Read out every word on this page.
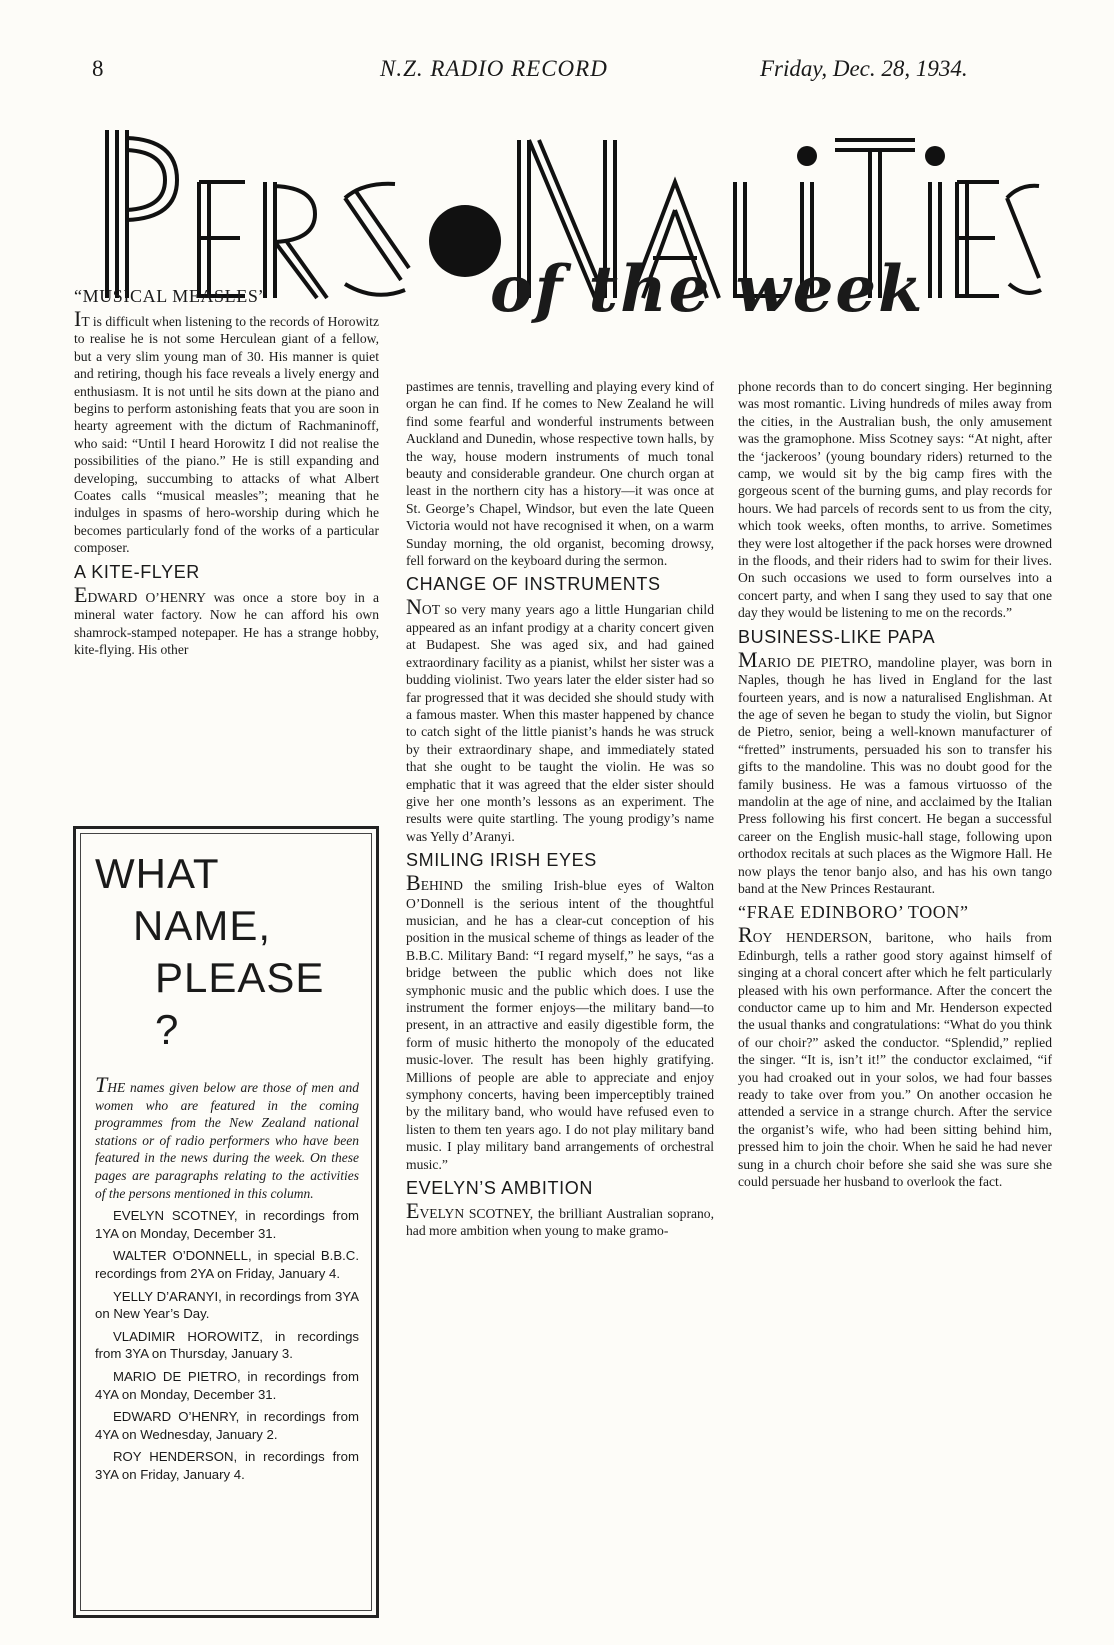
8	N.Z. RADIO RECORD	Friday, Dec. 28, 1934.
of the week
“MUSICAL MEASLES”

IT is difficult when listening to the records of Horowitz to realise he is not some Herculean giant of a fellow, but a very slim young man of 30. His manner is quiet and retiring, though his face reveals a lively energy and enthusiasm. It is not until he sits down at the piano and begins to perform astonishing feats that you are soon in hearty agreement with the dictum of Rachmaninoff, who said: “Until I heard Horowitz I did not realise the possibilities of the piano.” He is still expanding and developing, succumbing to attacks of what Albert Coates calls “musical measles”; meaning that he indulges in spasms of hero-worship during which he becomes particularly fond of the works of a particular composer.

A KITE-FLYER

EDWARD O’HENRY was once a store boy in a mineral water factory. Now he can afford his own shamrock-stamped notepaper. He has a strange hobby, kite-flying. His other

WHAT
NAME,
PLEASE ?
THE names given below are those of men and women who are featured in the coming programmes from the New Zealand national stations or of radio performers who have been featured in the news during the week. On these pages are paragraphs relating to the activities of the persons mentioned in this column.
EVELYN SCOTNEY, in recordings from 1YA on Monday, December 31.
WALTER O’DONNELL, in special B.B.C. recordings from 2YA on Friday, January 4.
YELLY D’ARANYI, in recordings from 3YA on New Year’s Day.
VLADIMIR HOROWITZ, in recordings from 3YA on Thursday, January 3.
MARIO DE PIETRO, in recordings from 4YA on Monday, December 31.
EDWARD O’HENRY, in recordings from 4YA on Wednesday, January 2.
ROY HENDERSON, in recordings from 3YA on Friday, January 4.

pastimes are tennis, travelling and playing every kind of organ he can find. If he comes to New Zealand he will find some fearful and wonderful instruments between Auckland and Dunedin, whose respective town halls, by the way, house modern instruments of much tonal beauty and considerable grandeur. One church organ at least in the northern city has a history—it was once at St. George’s Chapel, Windsor, but even the late Queen Victoria would not have recognised it when, on a warm Sunday morning, the old organist, becoming drowsy, fell forward on the keyboard during the sermon.

CHANGE OF INSTRUMENTS

NOT so very many years ago a little Hungarian child appeared as an infant prodigy at a charity concert given at Budapest. She was aged six, and had gained extraordinary facility as a pianist, whilst her sister was a budding violinist. Two years later the elder sister had so far progressed that it was decided she should study with a famous master. When this master happened by chance to catch sight of the little pianist’s hands he was struck by their extraordinary shape, and immediately stated that she ought to be taught the violin. He was so emphatic that it was agreed that the elder sister should give her one month’s lessons as an experiment. The results were quite startling. The young prodigy’s name was Yelly d’Aranyi.

SMILING IRISH EYES

BEHIND the smiling Irish-blue eyes of Walton O’Donnell is the serious intent of the thoughtful musician, and he has a clear-cut conception of his position in the musical scheme of things as leader of the B.B.C. Military Band: “I regard myself,” he says, “as a bridge between the public which does not like symphonic music and the public which does. I use the instrument the former enjoys—the military band—to present, in an attractive and easily digestible form, the form of music hitherto the monopoly of the educated music-lover. The result has been highly gratifying. Millions of people are able to appreciate and enjoy symphony concerts, having been imperceptibly trained by the military band, who would have refused even to listen to them ten years ago. I do not play military band music. I play military band arrangements of orchestral music.”

EVELYN’S AMBITION

EVELYN SCOTNEY, the brilliant Australian soprano, had more ambition when young to make gramo-

phone records than to do concert singing. Her beginning was most romantic. Living hundreds of miles away from the cities, in the Australian bush, the only amusement was the gramophone. Miss Scotney says: “At night, after the ‘jackeroos’ (young boundary riders) returned to the camp, we would sit by the big camp fires with the gorgeous scent of the burning gums, and play records for hours. We had parcels of records sent to us from the city, which took weeks, often months, to arrive. Sometimes they were lost altogether if the pack horses were drowned in the floods, and their riders had to swim for their lives. On such occasions we used to form ourselves into a concert party, and when I sang they used to say that one day they would be listening to me on the records.”

BUSINESS-LIKE PAPA

MARIO DE PIETRO, mandoline player, was born in Naples, though he has lived in England for the last fourteen years, and is now a naturalised Englishman. At the age of seven he began to study the violin, but Signor de Pietro, senior, being a well-known manufacturer of “fretted” instruments, persuaded his son to transfer his gifts to the mandoline. This was no doubt good for the family business. He was a famous virtuosso of the mandolin at the age of nine, and acclaimed by the Italian Press following his first concert. He began a successful career on the English music-hall stage, following upon orthodox recitals at such places as the Wigmore Hall. He now plays the tenor banjo also, and has his own tango band at the New Princes Restaurant.

“FRAE EDINBORO’ TOON”

ROY HENDERSON, baritone, who hails from Edinburgh, tells a rather good story against himself of singing at a choral concert after which he felt particularly pleased with his own performance. After the concert the conductor came up to him and Mr. Henderson expected the usual thanks and congratulations: “What do you think of our choir?” asked the conductor. “Splendid,” replied the singer. “It is, isn’t it!” the conductor exclaimed, “if you had croaked out in your solos, we had four basses ready to take over from you.” On another occasion he attended a service in a strange church. After the service the organist’s wife, who had been sitting behind him, pressed him to join the choir. When he said he had never sung in a church choir before she said she was sure she could persuade her husband to overlook the fact.
